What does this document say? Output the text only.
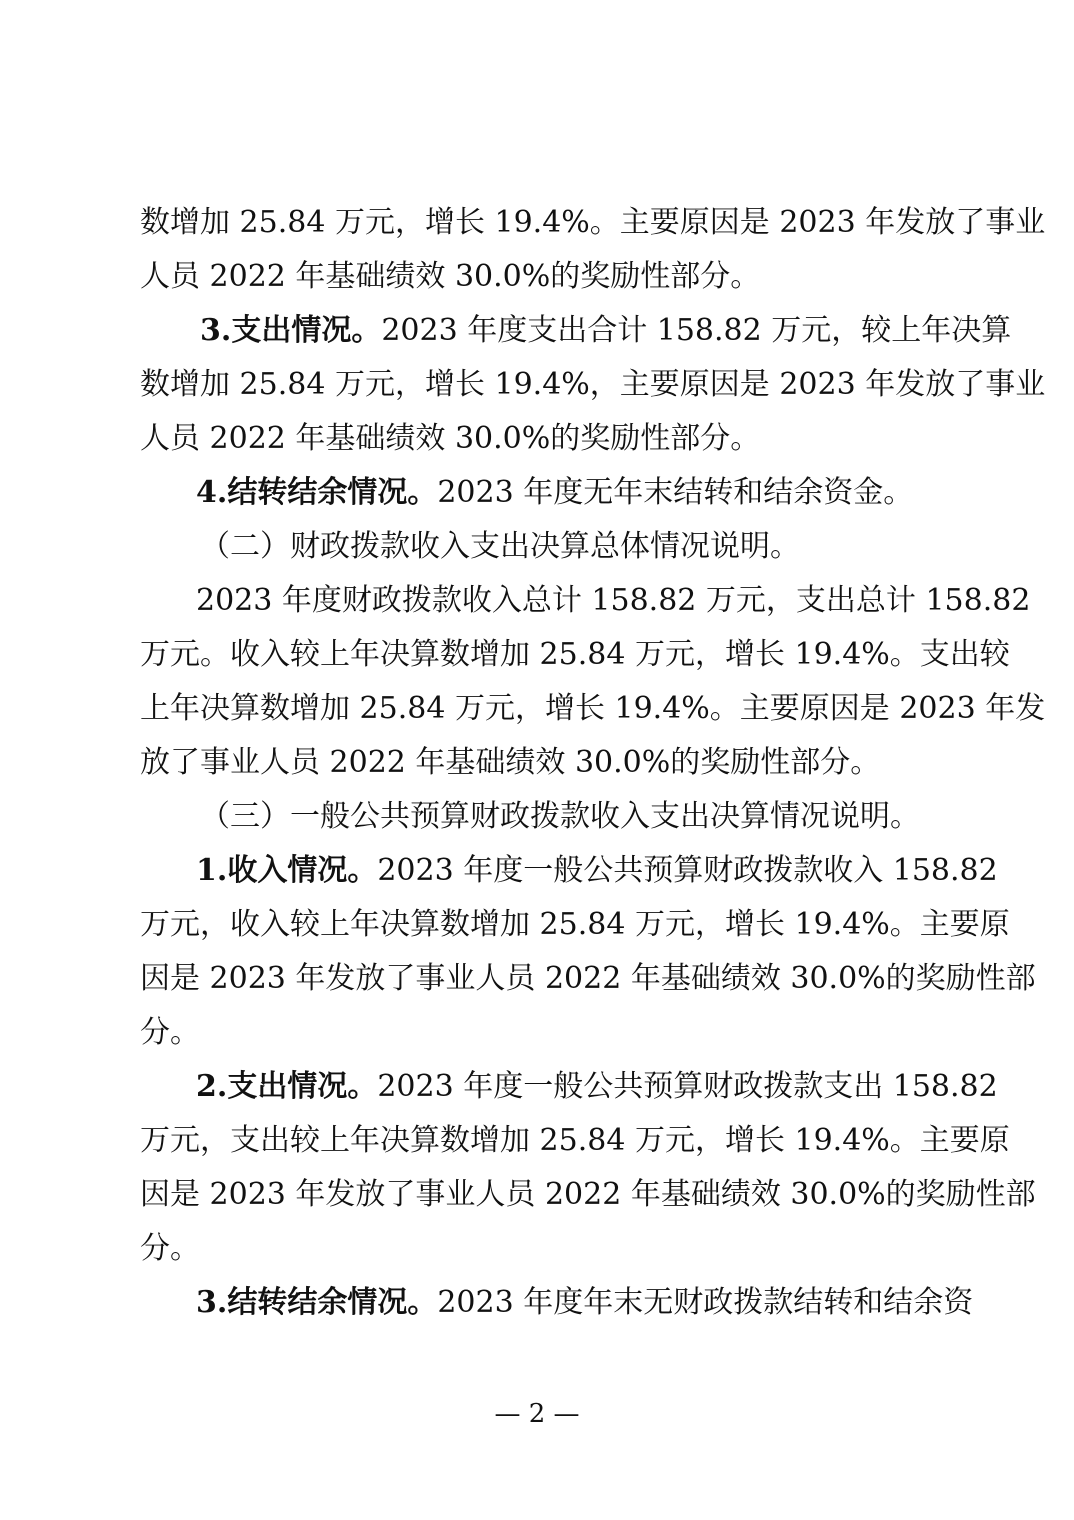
数增加 25.84 万元，增长 19.4%。主要原因是 2023 年发放了事业
人员 2022 年基础绩效 30.0%的奖励性部分。
3.支出情况。2023 年度支出合计 158.82 万元，较上年决算
数增加 25.84 万元，增长 19.4%，主要原因是 2023 年发放了事业
人员 2022 年基础绩效 30.0%的奖励性部分。
4.结转结余情况。2023 年度无年末结转和结余资金。
（二）财政拨款收入支出决算总体情况说明。
2023 年度财政拨款收入总计 158.82 万元，支出总计 158.82
万元。收入较上年决算数增加 25.84 万元，增长 19.4%。支出较
上年决算数增加 25.84 万元，增长 19.4%。主要原因是 2023 年发
放了事业人员 2022 年基础绩效 30.0%的奖励性部分。
（三）一般公共预算财政拨款收入支出决算情况说明。
1.收入情况。2023 年度一般公共预算财政拨款收入 158.82
万元，收入较上年决算数增加 25.84 万元，增长 19.4%。主要原
因是 2023 年发放了事业人员 2022 年基础绩效 30.0%的奖励性部
分。
2.支出情况。2023 年度一般公共预算财政拨款支出 158.82
万元，支出较上年决算数增加 25.84 万元，增长 19.4%。主要原
因是 2023 年发放了事业人员 2022 年基础绩效 30.0%的奖励性部
分。
3.结转结余情况。2023 年度年末无财政拨款结转和结余资
— 2 —
